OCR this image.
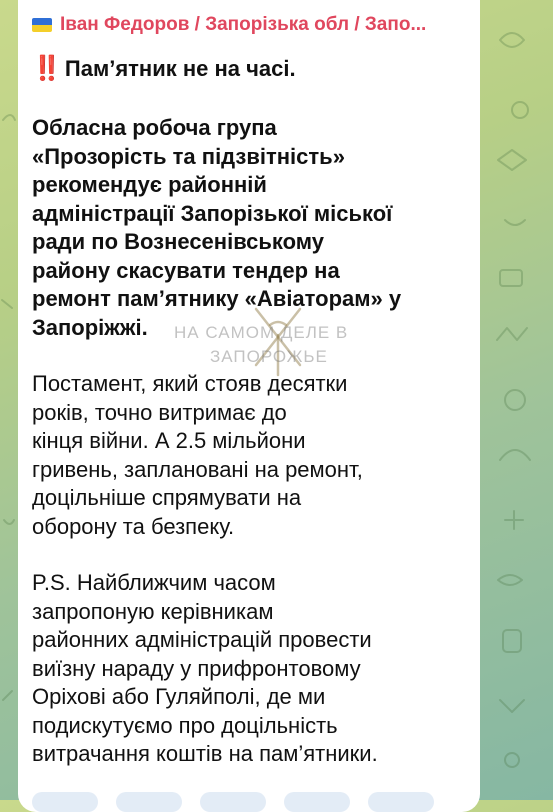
Іван Федоров / Запорізька обл / Запо...
‼️ Пам’ятник не на часі.

Обласна робоча група
«Прозорість та підзвітність»
рекомендує районній
адміністрації Запорізької міської
ради по Вознесенівському
району скасувати тендер на
ремонт пам’ятнику «Авіаторам» у
Запоріжжі.

Постамент, який стояв десятки
років, точно витримає до
кінця війни. А 2.5 мільйони
гривень, заплановані на ремонт,
доцільніше спрямувати на
оборону та безпеку.

P.S. Найближчим часом
запропоную керівникам
районних адміністрацій провести
виїзну нараду у прифронтовому
Оріхові або Гуляйполі, де ми
подискутуємо про доцільність
витрачання коштів на пам’ятники.

НА САМОМ ДЕЛЕ В
ЗАПОРОЖЬЕ
